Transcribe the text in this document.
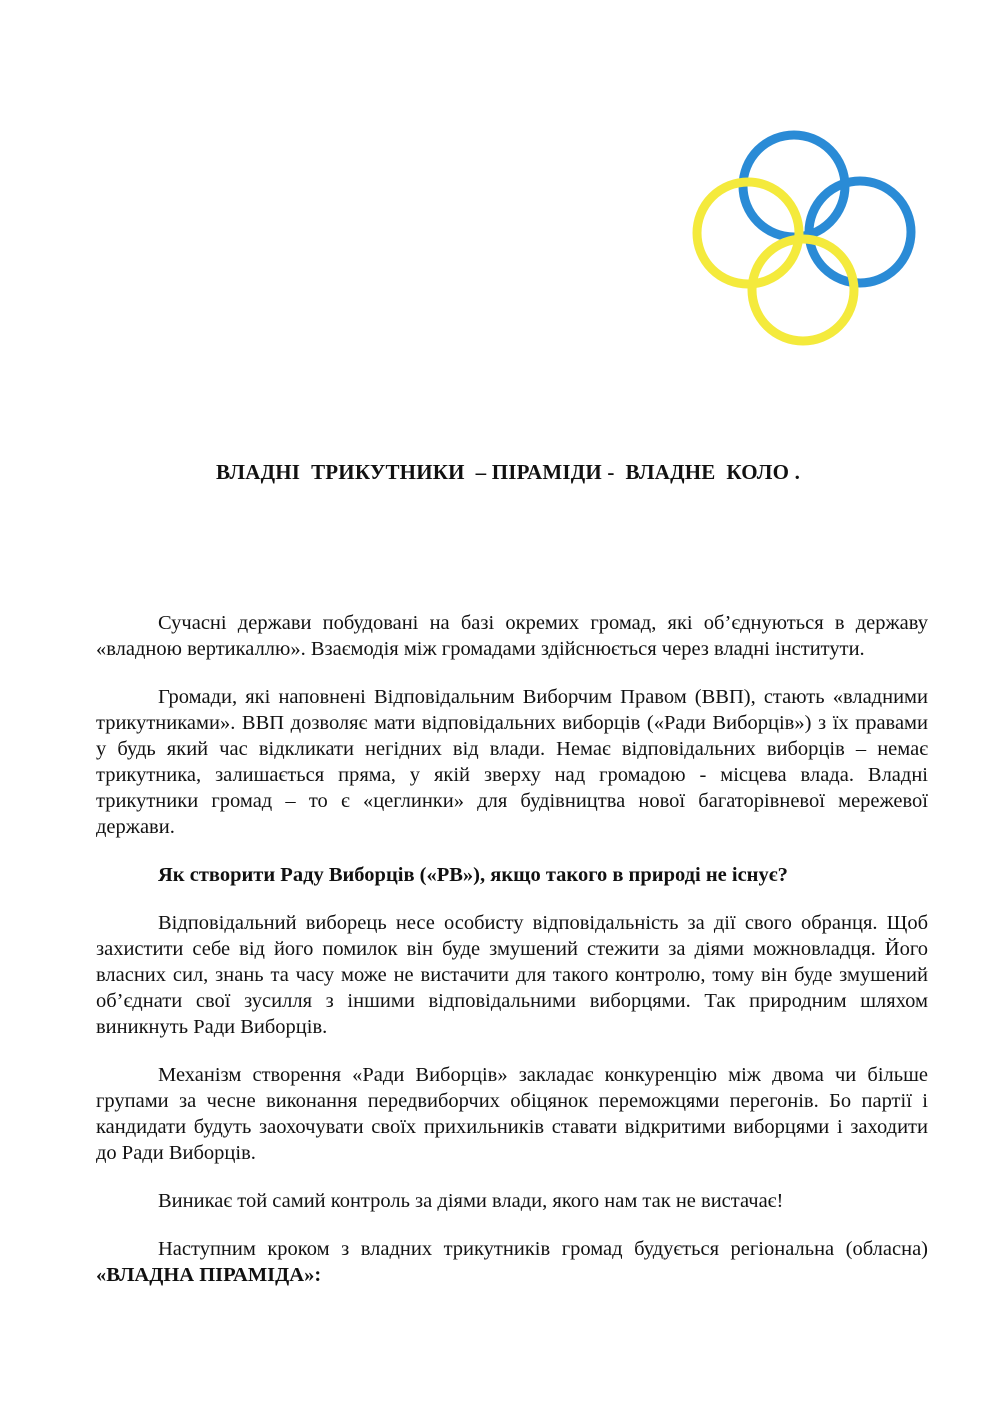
ВЛАДНІ  ТРИКУТНИКИ  – ПІРАМІДИ -  ВЛАДНЕ  КОЛО .

Сучасні держави побудовані на базі окремих громад, які об’єднуються в державу «владною вертикаллю». Взаємодія між громадами здійснюється через владні інститути.

Громади, які наповнені Відповідальним Виборчим Правом (ВВП), стають «владними трикутниками». ВВП дозволяє мати відповідальних виборців («Ради Виборців») з їх правами у будь який час відкликати негідних від влади. Немає відповідальних виборців – немає трикутника, залишається пряма, у якій зверху над громадою - місцева влада. Владні трикутники громад – то є «цеглинки» для будівництва нової багаторівневої мережевої держави.

Як створити Раду Виборців («РВ»), якщо такого в природі не існує?

Відповідальний виборець несе особисту відповідальність за дії свого обранця. Щоб захистити себе від його помилок він буде змушений стежити за діями можновладця. Його власних сил, знань та часу може не вистачити для такого контролю, тому він буде змушений об’єднати свої зусилля з іншими відповідальними виборцями. Так природним шляхом виникнуть Ради Виборців.

Механізм створення «Ради Виборців» закладає конкуренцію між двома чи більше групами за чесне виконання передвиборчих обіцянок переможцями перегонів. Бо партії і кандидати будуть заохочувати своїх прихильників ставати відкритими виборцями і заходити до Ради Виборців.

Виникає той самий контроль за діями влади, якого нам так не вистачає!

Наступним кроком з владних трикутників громад будується регіональна (обласна) «ВЛАДНА ПІРАМІДА»:
